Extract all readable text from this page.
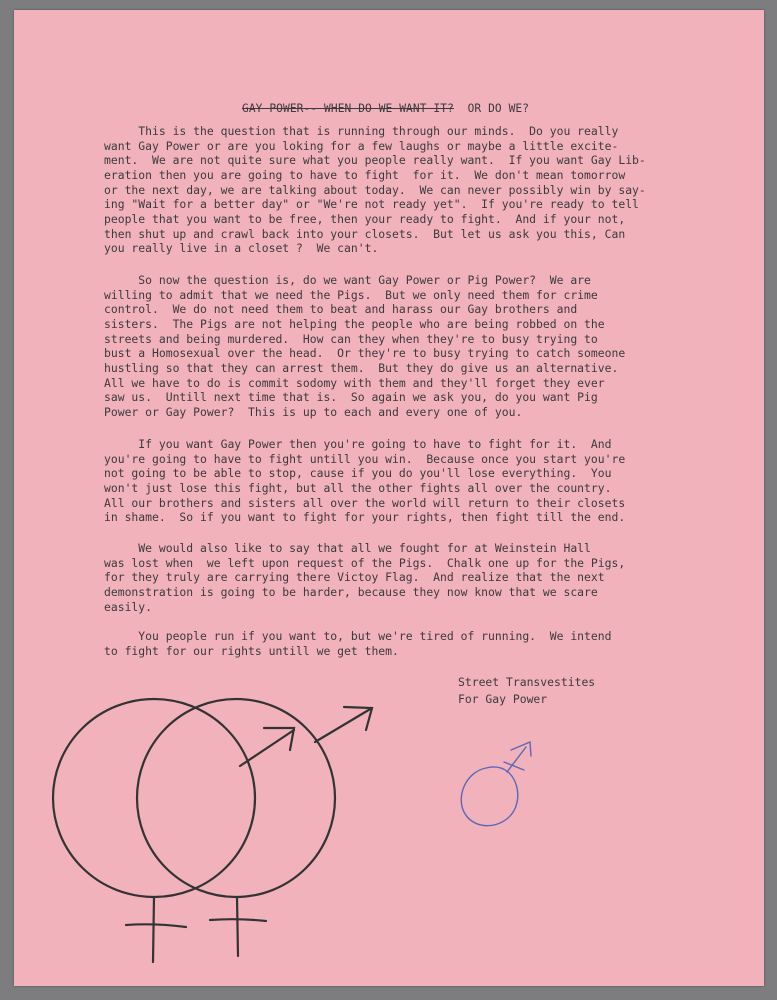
GAY POWER-- WHEN DO WE WANT IT?  OR DO WE?

This is the question that is running through our minds.  Do you really
want Gay Power or are you loking for a few laughs or maybe a little excite-
ment.  We are not quite sure what you people really want.  If you want Gay Lib-
eration then you are going to have to fight  for it.  We don't mean tomorrow
or the next day, we are talking about today.  We can never possibly win by say-
ing "Wait for a better day" or "We're not ready yet".  If you're ready to tell
people that you want to be free, then your ready to fight.  And if your not,
then shut up and crawl back into your closets.  But let us ask you this, Can
you really live in a closet ?  We can't.

So now the question is, do we want Gay Power or Pig Power?  We are
willing to admit that we need the Pigs.  But we only need them for crime
control.  We do not need them to beat and harass our Gay brothers and
sisters.  The Pigs are not helping the people who are being robbed on the
streets and being murdered.  How can they when they're to busy trying to
bust a Homosexual over the head.  Or they're to busy trying to catch someone
hustling so that they can arrest them.  But they do give us an alternative.
All we have to do is commit sodomy with them and they'll forget they ever
saw us.  Untill next time that is.  So again we ask you, do you want Pig
Power or Gay Power?  This is up to each and every one of you.

If you want Gay Power then you're going to have to fight for it.  And
you're going to have to fight untill you win.  Because once you start you're
not going to be able to stop, cause if you do you'll lose everything.  You
won't just lose this fight, but all the other fights all over the country.
All our brothers and sisters all over the world will return to their closets
in shame.  So if you want to fight for your rights, then fight till the end.

We would also like to say that all we fought for at Weinstein Hall
was lost when  we left upon request of the Pigs.  Chalk one up for the Pigs,
for they truly are carrying there Victoy Flag.  And realize that the next
demonstration is going to be harder, because they now know that we scare
easily.

You people run if you want to, but we're tired of running.  We intend
to fight for our rights untill we get them.

Street Transvestites
For Gay Power
